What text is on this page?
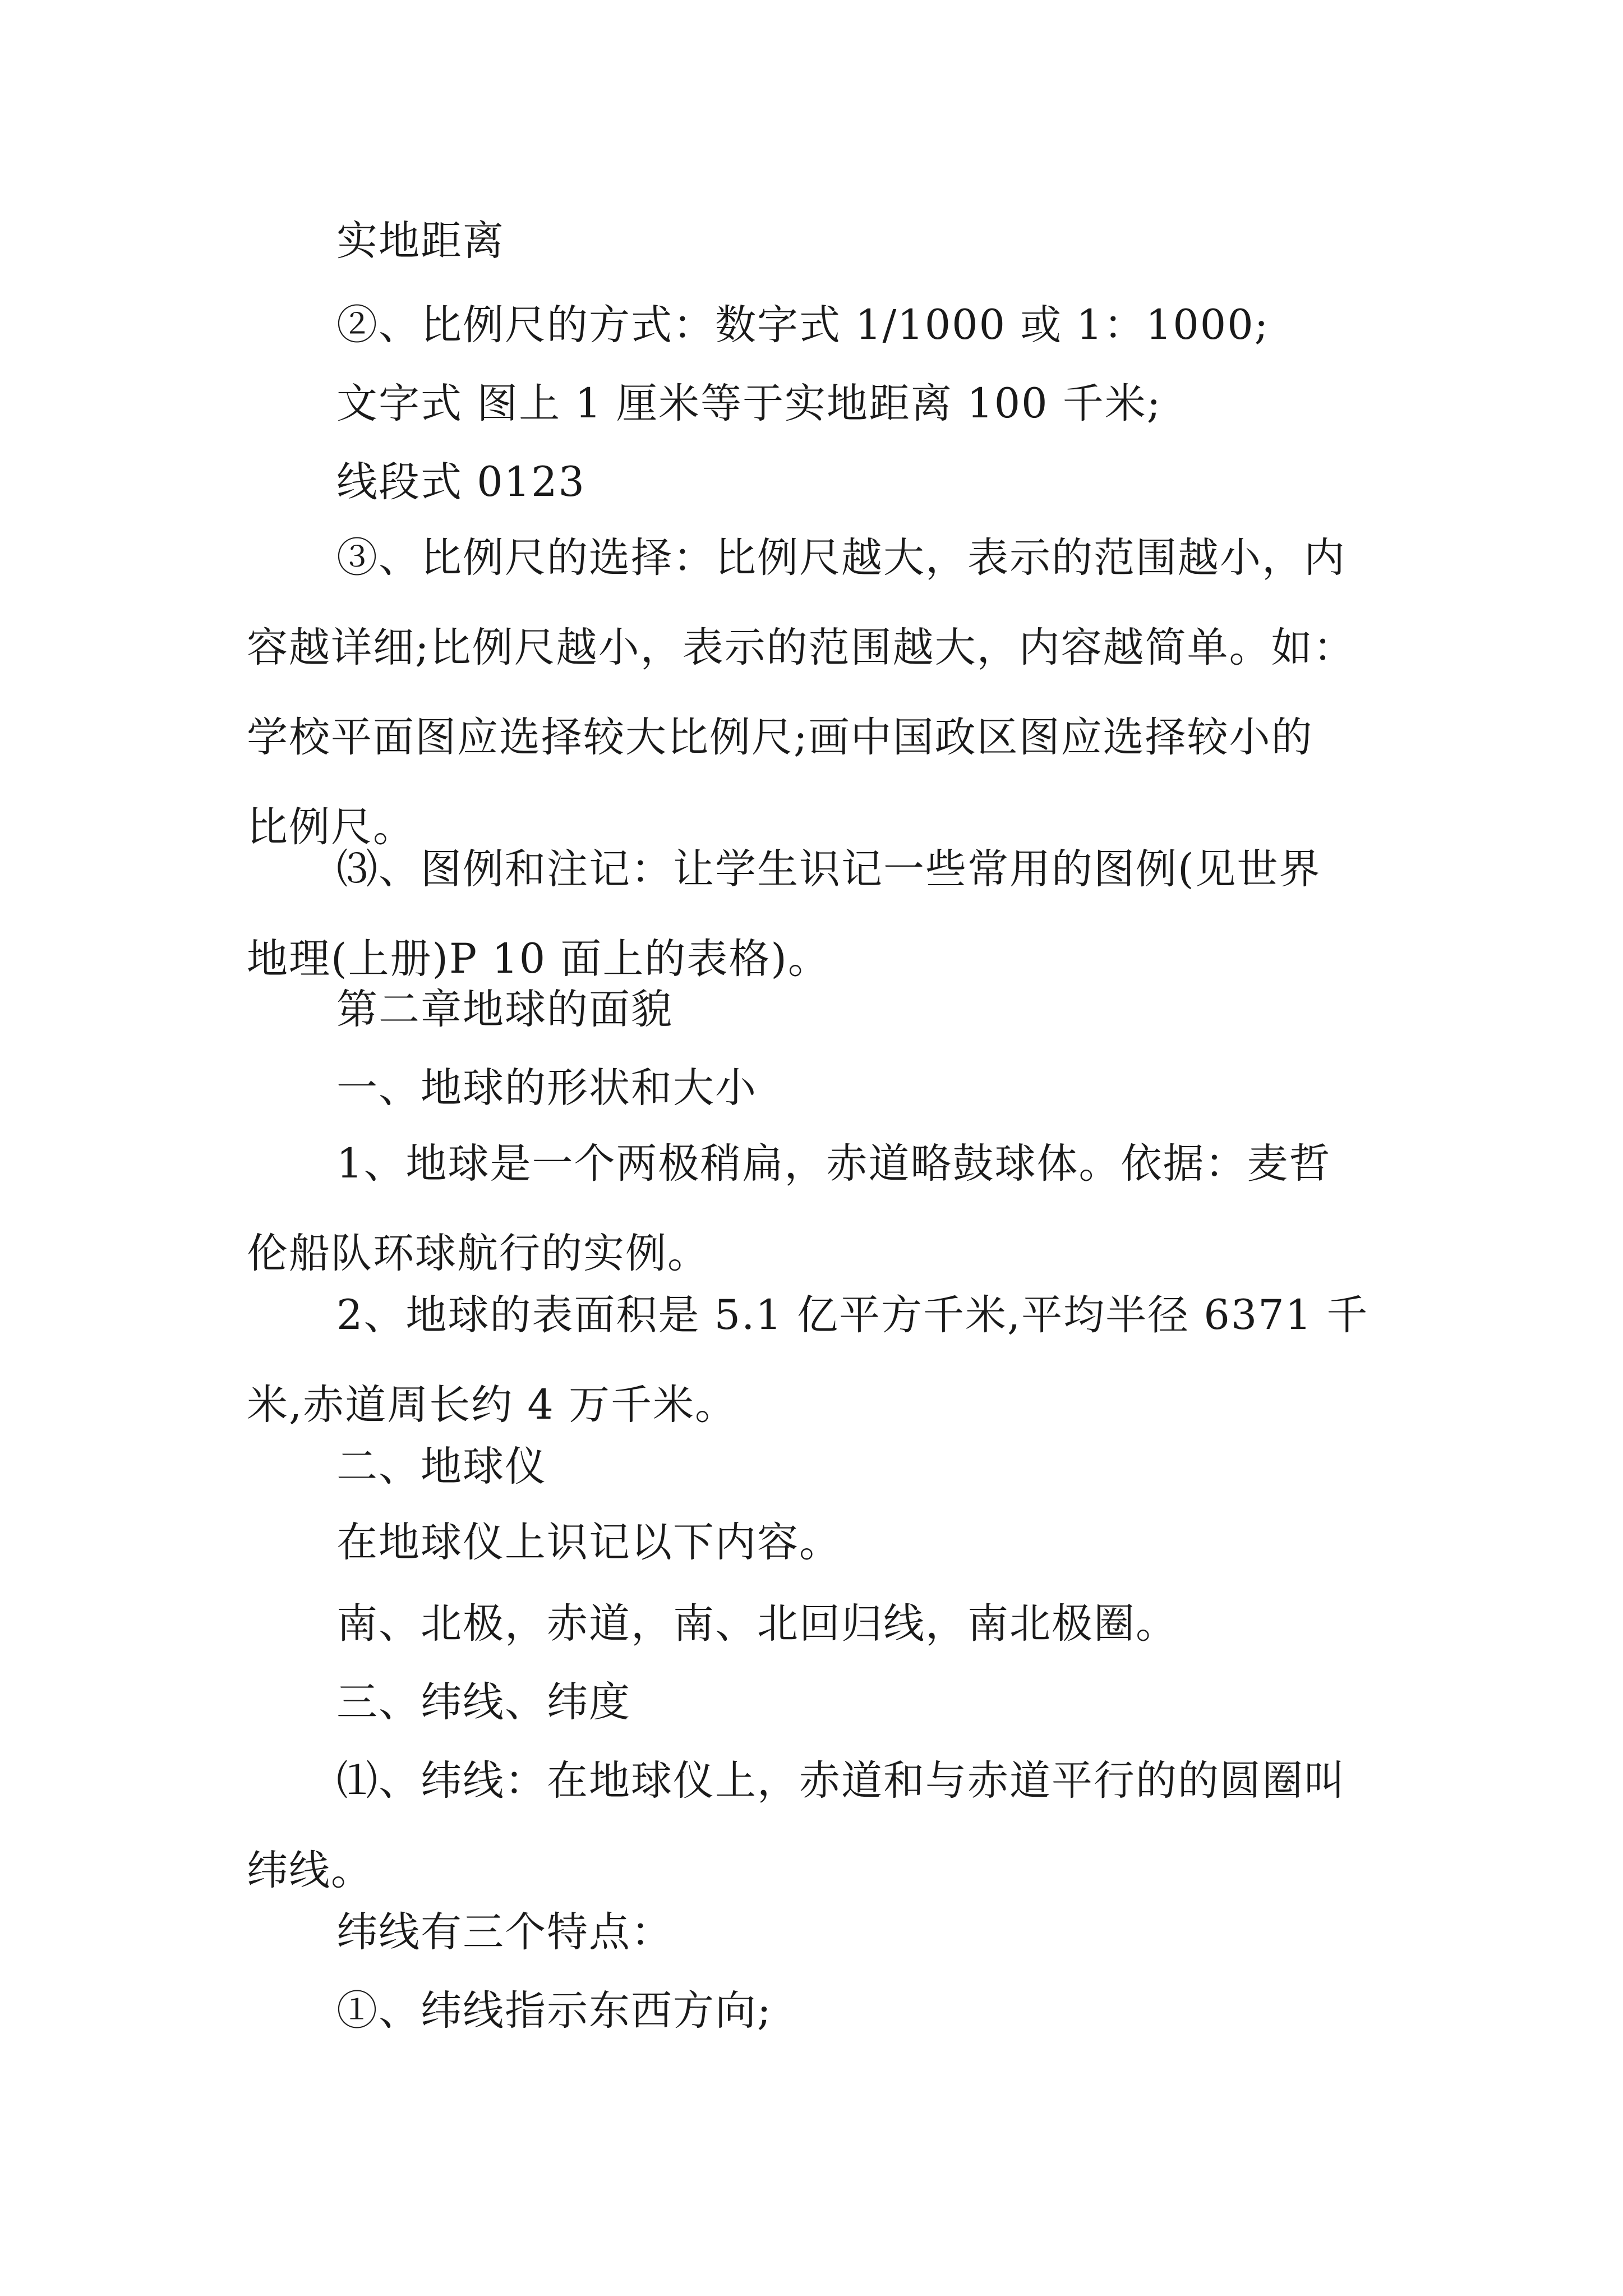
实地距离
②、比例尺的方式：数字式 1/1000 或 1：1000;
文字式 图上 1 厘米等于实地距离 100 千米;
线段式 0123
③、比例尺的选择：比例尺越大，表示的范围越小，内
容越详细;比例尺越小，表示的范围越大，内容越简单。如：
学校平面图应选择较大比例尺;画中国政区图应选择较小的
比例尺。
⑶、图例和注记：让学生识记一些常用的图例(见世界
地理(上册)P 10 面上的表格)。
第二章地球的面貌
一、地球的形状和大小
1、地球是一个两极稍扁，赤道略鼓球体。依据：麦哲
伦船队环球航行的实例。
2、地球的表面积是 5.1 亿平方千米,平均半径 6371 千
米,赤道周长约 4 万千米。
二、地球仪
在地球仪上识记以下内容。
南、北极，赤道，南、北回归线，南北极圈。
三、纬线、纬度
⑴、纬线：在地球仪上，赤道和与赤道平行的的圆圈叫
纬线。
纬线有三个特点：
①、纬线指示东西方向;
